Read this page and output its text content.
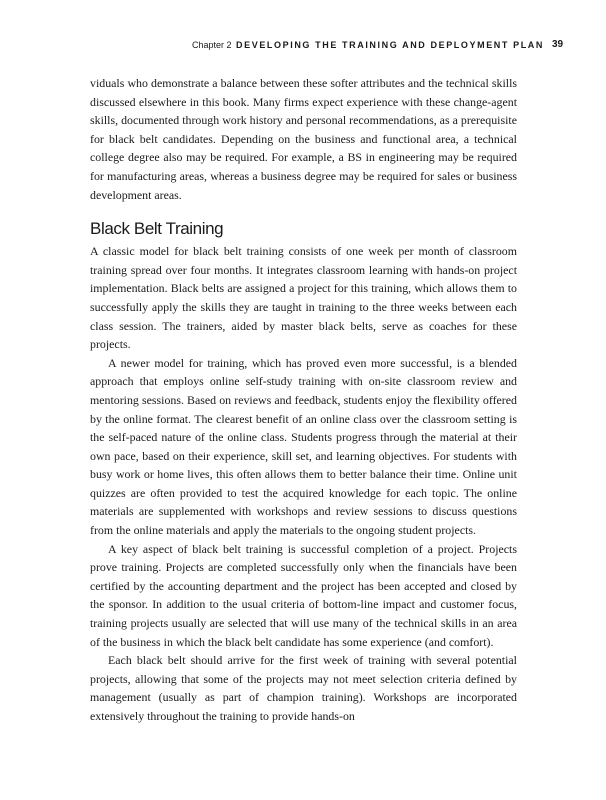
Chapter 2 DEVELOPING THE TRAINING AND DEPLOYMENT PLAN 39

viduals who demonstrate a balance between these softer attributes and the technical skills discussed elsewhere in this book. Many firms expect experience with these change-agent skills, documented through work history and personal recommendations, as a prerequisite for black belt candidates. Depending on the business and functional area, a technical college degree also may be required. For example, a BS in engineering may be required for manufacturing areas, whereas a business degree may be required for sales or business development areas.

Black Belt Training

A classic model for black belt training consists of one week per month of classroom training spread over four months. It integrates classroom learning with hands-on project implementation. Black belts are assigned a project for this training, which allows them to successfully apply the skills they are taught in training to the three weeks between each class session. The trainers, aided by master black belts, serve as coaches for these projects.

A newer model for training, which has proved even more successful, is a blended approach that employs online self-study training with on-site classroom review and mentoring sessions. Based on reviews and feedback, students enjoy the flexibility offered by the online format. The clearest benefit of an online class over the classroom setting is the self-paced nature of the online class. Students progress through the material at their own pace, based on their experience, skill set, and learning objectives. For students with busy work or home lives, this often allows them to better balance their time. Online unit quizzes are often provided to test the acquired knowledge for each topic. The online materials are supplemented with workshops and review sessions to discuss questions from the online materials and apply the materials to the ongoing student projects.

A key aspect of black belt training is successful completion of a project. Projects prove training. Projects are completed successfully only when the financials have been certified by the accounting department and the project has been accepted and closed by the sponsor. In addition to the usual criteria of bottom-line impact and customer focus, training projects usually are selected that will use many of the technical skills in an area of the business in which the black belt candidate has some experience (and comfort).

Each black belt should arrive for the first week of training with several potential projects, allowing that some of the projects may not meet selection criteria defined by management (usually as part of champion training). Workshops are incorporated extensively throughout the training to provide hands-on
